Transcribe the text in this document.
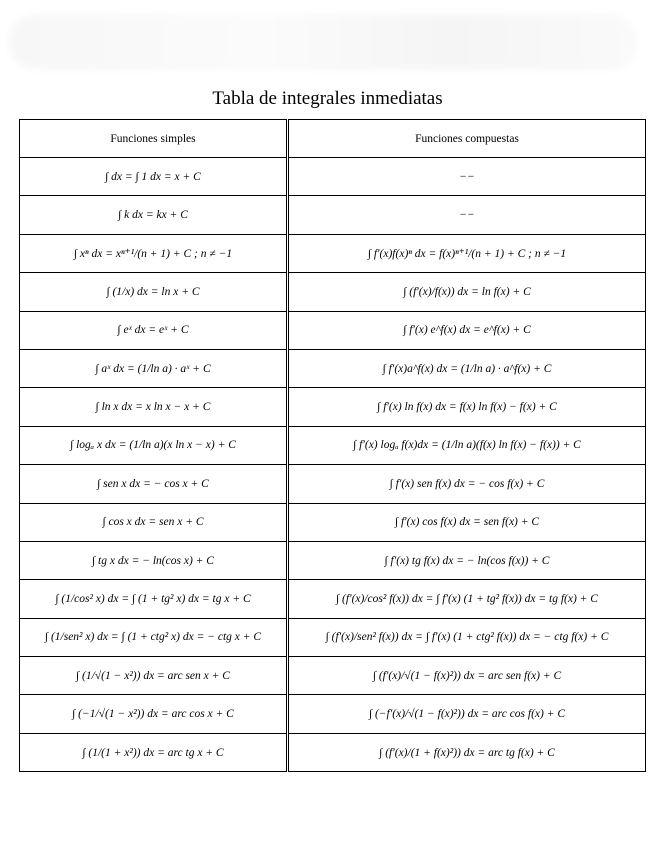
Tabla de integrales inmediatas
Funciones simples	Funciones compuestas
∫ dx = ∫ 1 dx = x + C	−−
∫ k dx = kx + C	−−
∫ xⁿ dx = xⁿ⁺¹/(n + 1) + C ; n ≠ −1	∫ f′(x)f(x)ⁿ dx = f(x)ⁿ⁺¹/(n + 1) + C ; n ≠ −1
∫ (1/x) dx = ln x + C	∫ (f′(x)/f(x)) dx = ln f(x) + C
∫ eˣ dx = eˣ + C	∫ f′(x) e^f(x) dx = e^f(x) + C
∫ aˣ dx = (1/ln a) · aˣ + C	∫ f′(x)a^f(x) dx = (1/ln a) · a^f(x) + C
∫ ln x dx = x ln x − x + C	∫ f′(x) ln f(x) dx = f(x) ln f(x) − f(x) + C
∫ logₐ x dx = (1/ln a)(x ln x − x) + C	∫ f′(x) logₐ f(x)dx = (1/ln a)(f(x) ln f(x) − f(x)) + C
∫ sen x dx = − cos x + C	∫ f′(x) sen f(x) dx = − cos f(x) + C
∫ cos x dx = sen x + C	∫ f′(x) cos f(x) dx = sen f(x) + C
∫ tg x dx = − ln(cos x) + C	∫ f′(x) tg f(x) dx = − ln(cos f(x)) + C
∫ (1/cos² x) dx = ∫ (1 + tg² x) dx = tg x + C	∫ (f′(x)/cos² f(x)) dx = ∫ f′(x) (1 + tg² f(x)) dx = tg f(x) + C
∫ (1/sen² x) dx = ∫ (1 + ctg² x) dx = − ctg x + C	∫ (f′(x)/sen² f(x)) dx = ∫ f′(x) (1 + ctg² f(x)) dx = − ctg f(x) + C
∫ (1/√(1 − x²)) dx = arc sen x + C	∫ (f′(x)/√(1 − f(x)²)) dx = arc sen f(x) + C
∫ (−1/√(1 − x²)) dx = arc cos x + C	∫ (−f′(x)/√(1 − f(x)²)) dx = arc cos f(x) + C
∫ (1/(1 + x²)) dx = arc tg x + C	∫ (f′(x)/(1 + f(x)²)) dx = arc tg f(x) + C
